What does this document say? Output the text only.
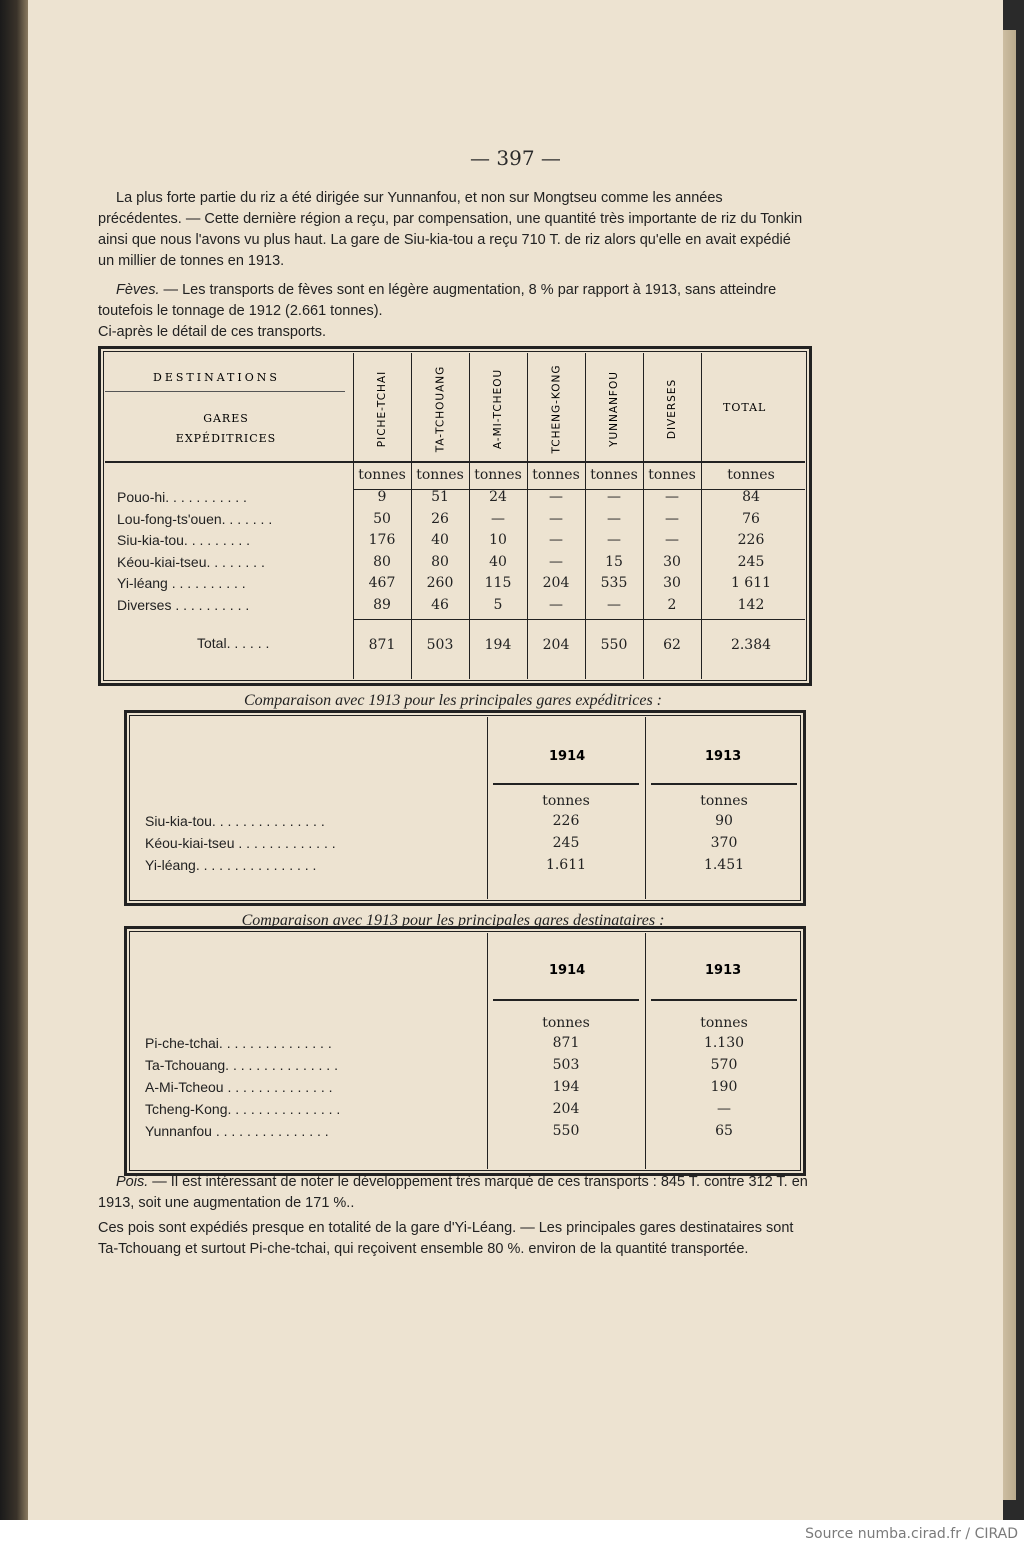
— 397 —

La plus forte partie du riz a été dirigée sur Yunnanfou, et non sur Mongtseu comme les années précédentes. — Cette dernière région a reçu, par compensation, une quantité très importante de riz du Tonkin ainsi que nous l'avons vu plus haut. La gare de Siu-kia-tou a reçu 710 T. de riz alors qu'elle en avait expédié un millier de tonnes en 1913.

Fèves. — Les transports de fèves sont en légère augmentation, 8 % par rapport à 1913, sans atteindre toutefois le tonnage de 1912 (2.661 tonnes).

Ci-après le détail de ces transports.

DESTINATIONS
GARES
EXPÉDITRICES	PICHE-TCHAI	TA-TCHOUANG	A-MI-TCHEOU	TCHENG-KONG	YUNNANFOU	DIVERSES	TOTAL
tonnes tonnes tonnes tonnes tonnes tonnes	tonnes
Pouo-hi. . . . . . . . . . .	9	51	24	—	—	—	84
Lou-fong-ts'ouen. . . . . . .	50	26	—	—	—	—	76
Siu-kia-tou. . . . . . . . .	176	40	10	—	—	—	226
Kéou-kiai-tseu. . . . . . . .	80	80	40	—	15	30	245
Yi-léang . . . . . . . . . .	467	260	115	204	535	30	1 611
Diverses . . . . . . . . . .	89	46	5	—	—	2	142
Total. . . . . .	871	503	194	204	550	62	2.384
Comparaison avec 1913 pour les principales gares expéditrices :
1914	1913
tonnes	tonnes
Siu-kia-tou. . . . . . . . . . . . . . .	226	90
Kéou-kiai-tseu . . . . . . . . . . . . .	245	370
Yi-léang. . . . . . . . . . . . . . . .	1.611	1.451
Comparaison avec 1913 pour les principales gares destinataires :
1914	1913
tonnes	tonnes
Pi-che-tchai. . . . . . . . . . . . . . .	871	1.130
Ta-Tchouang. . . . . . . . . . . . . . .	503	570
A-Mi-Tcheou . . . . . . . . . . . . . .	194	190
Tcheng-Kong. . . . . . . . . . . . . . .	204	—
Yunnanfou . . . . . . . . . . . . . . .	550	65

Pois. — Il est intéressant de noter le développement très marqué de ces transports : 845 T. contre 312 T. en 1913, soit une augmentation de 171 %..

Ces pois sont expédiés presque en totalité de la gare d'Yi-Léang. — Les principales gares destinataires sont Ta-Tchouang et surtout Pi-che-tchai, qui reçoivent ensemble 80 %. environ de la quantité transportée.

Source numba.cirad.fr / CIRAD
